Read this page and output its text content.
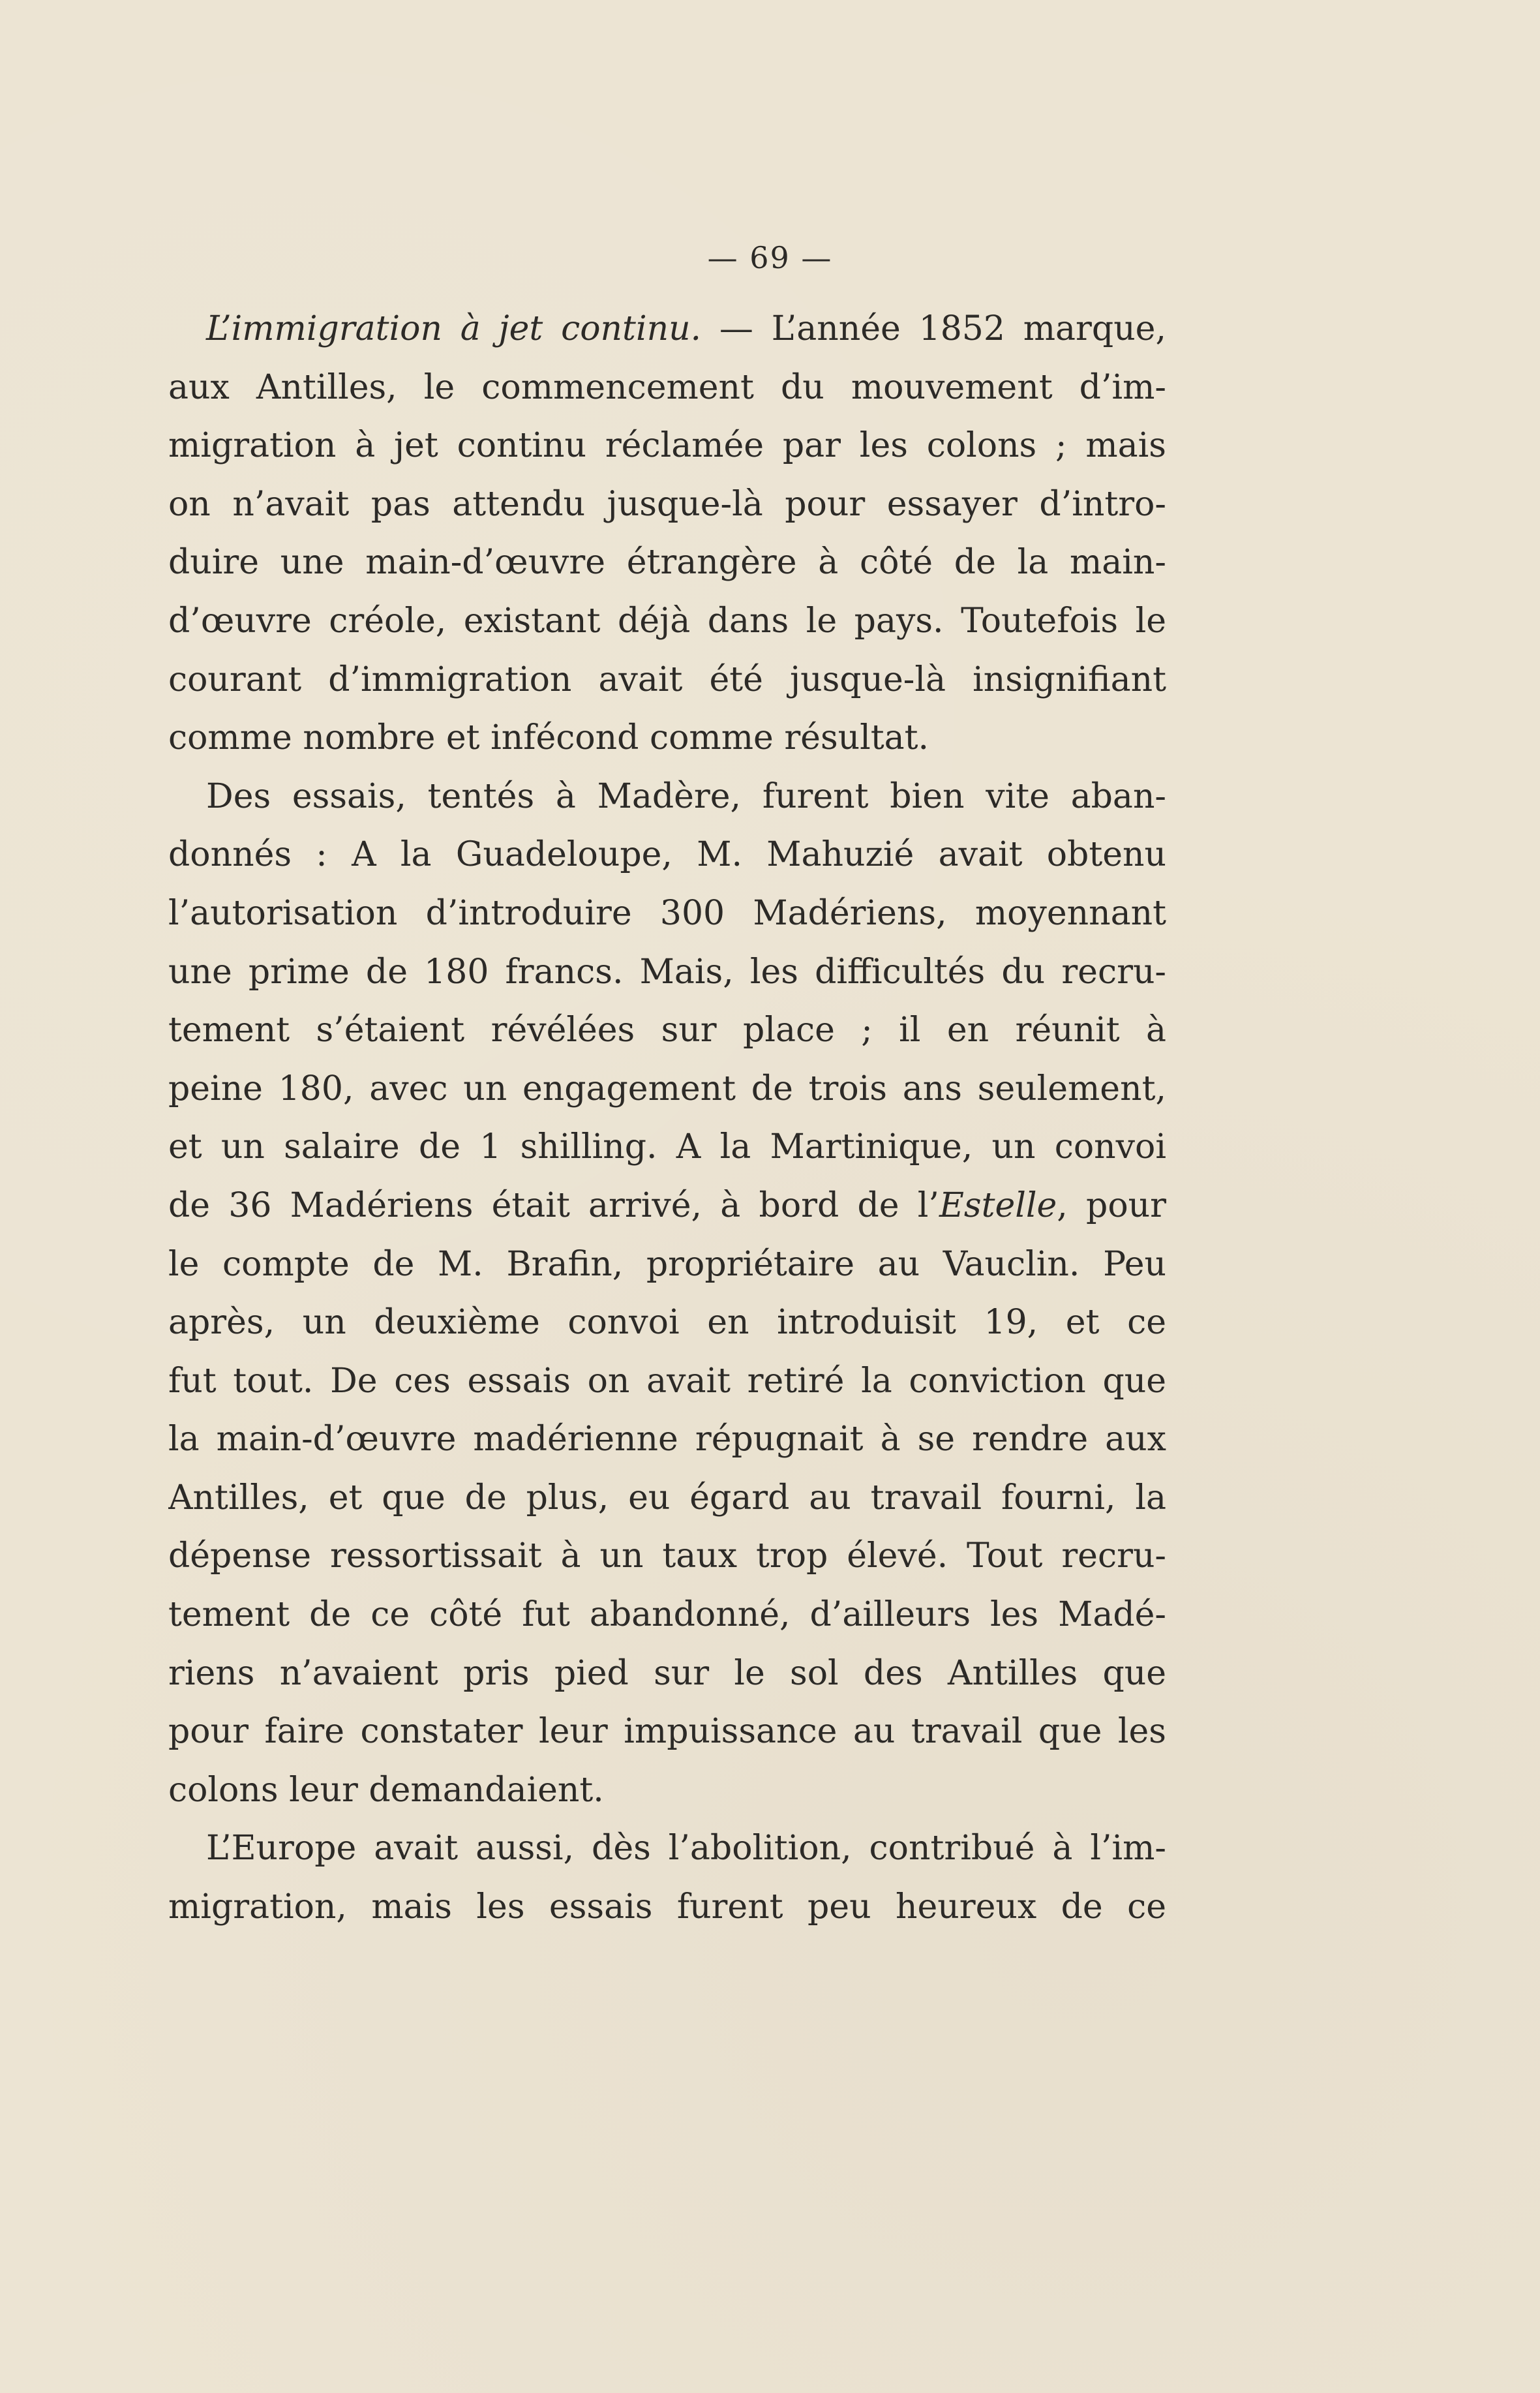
— 69 —
L’immigration à jet continu. — L’année 1852 marque,
aux Antilles, le commencement du mouvement d’im-
migration à jet continu réclamée par les colons ; mais
on n’avait pas attendu jusque-là pour essayer d’intro-
duire une main-d’œuvre étrangère à côté de la main-
d’œuvre créole, existant déjà dans le pays. Toutefois le
courant d’immigration avait été jusque-là insignifiant
comme nombre et infécond comme résultat.
Des essais, tentés à Madère, furent bien vite aban-
donnés : A la Guadeloupe, M. Mahuzié avait obtenu
l’autorisation d’introduire 300 Madériens, moyennant
une prime de 180 francs. Mais, les difficultés du recru-
tement s’étaient révélées sur place ; il en réunit à
peine 180, avec un engagement de trois ans seulement,
et un salaire de 1 shilling. A la Martinique, un convoi
de 36 Madériens était arrivé, à bord de l’Estelle, pour
le compte de M. Brafin, propriétaire au Vauclin. Peu
après, un deuxième convoi en introduisit 19, et ce
fut tout. De ces essais on avait retiré la conviction que
la main-d’œuvre madérienne répugnait à se rendre aux
Antilles, et que de plus, eu égard au travail fourni, la
dépense ressortissait à un taux trop élevé. Tout recru-
tement de ce côté fut abandonné, d’ailleurs les Madé-
riens n’avaient pris pied sur le sol des Antilles que
pour faire constater leur impuissance au travail que les
colons leur demandaient.
L’Europe avait aussi, dès l’abolition, contribué à l’im-
migration, mais les essais furent peu heureux de ce
